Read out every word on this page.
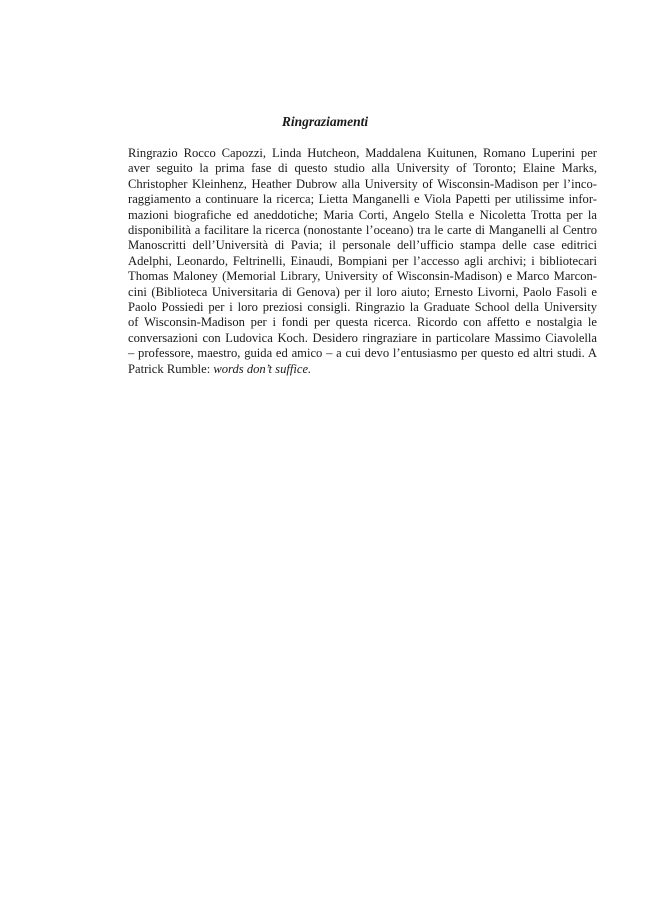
Ringraziamenti

Ringrazio Rocco Capozzi, Linda Hutcheon, Maddalena Kuitunen, Romano Luperini per
aver seguito la prima fase di questo studio alla University of Toronto; Elaine Marks,
Christopher Kleinhenz, Heather Dubrow alla University of Wisconsin-Madison per l’inco-
raggiamento a continuare la ricerca; Lietta Manganelli e Viola Papetti per utilissime infor-
mazioni biografiche ed aneddotiche; Maria Corti, Angelo Stella e Nicoletta Trotta per la
disponibilità a facilitare la ricerca (nonostante l’oceano) tra le carte di Manganelli al Centro
Manoscritti dell’Università di Pavia; il personale dell’ufficio stampa delle case editrici
Adelphi, Leonardo, Feltrinelli, Einaudi, Bompiani per l’accesso agli archivi; i bibliotecari
Thomas Maloney (Memorial Library, University of Wisconsin-Madison) e Marco Marcon-
cini (Biblioteca Universitaria di Genova) per il loro aiuto; Ernesto Livorni, Paolo Fasoli e
Paolo Possiedi per i loro preziosi consigli. Ringrazio la Graduate School della University
of Wisconsin-Madison per i fondi per questa ricerca. Ricordo con affetto e nostalgia le
conversazioni con Ludovica Koch. Desidero ringraziare in particolare Massimo Ciavolella
– professore, maestro, guida ed amico – a cui devo l’entusiasmo per questo ed altri studi. A
Patrick Rumble: words don’t suffice.
